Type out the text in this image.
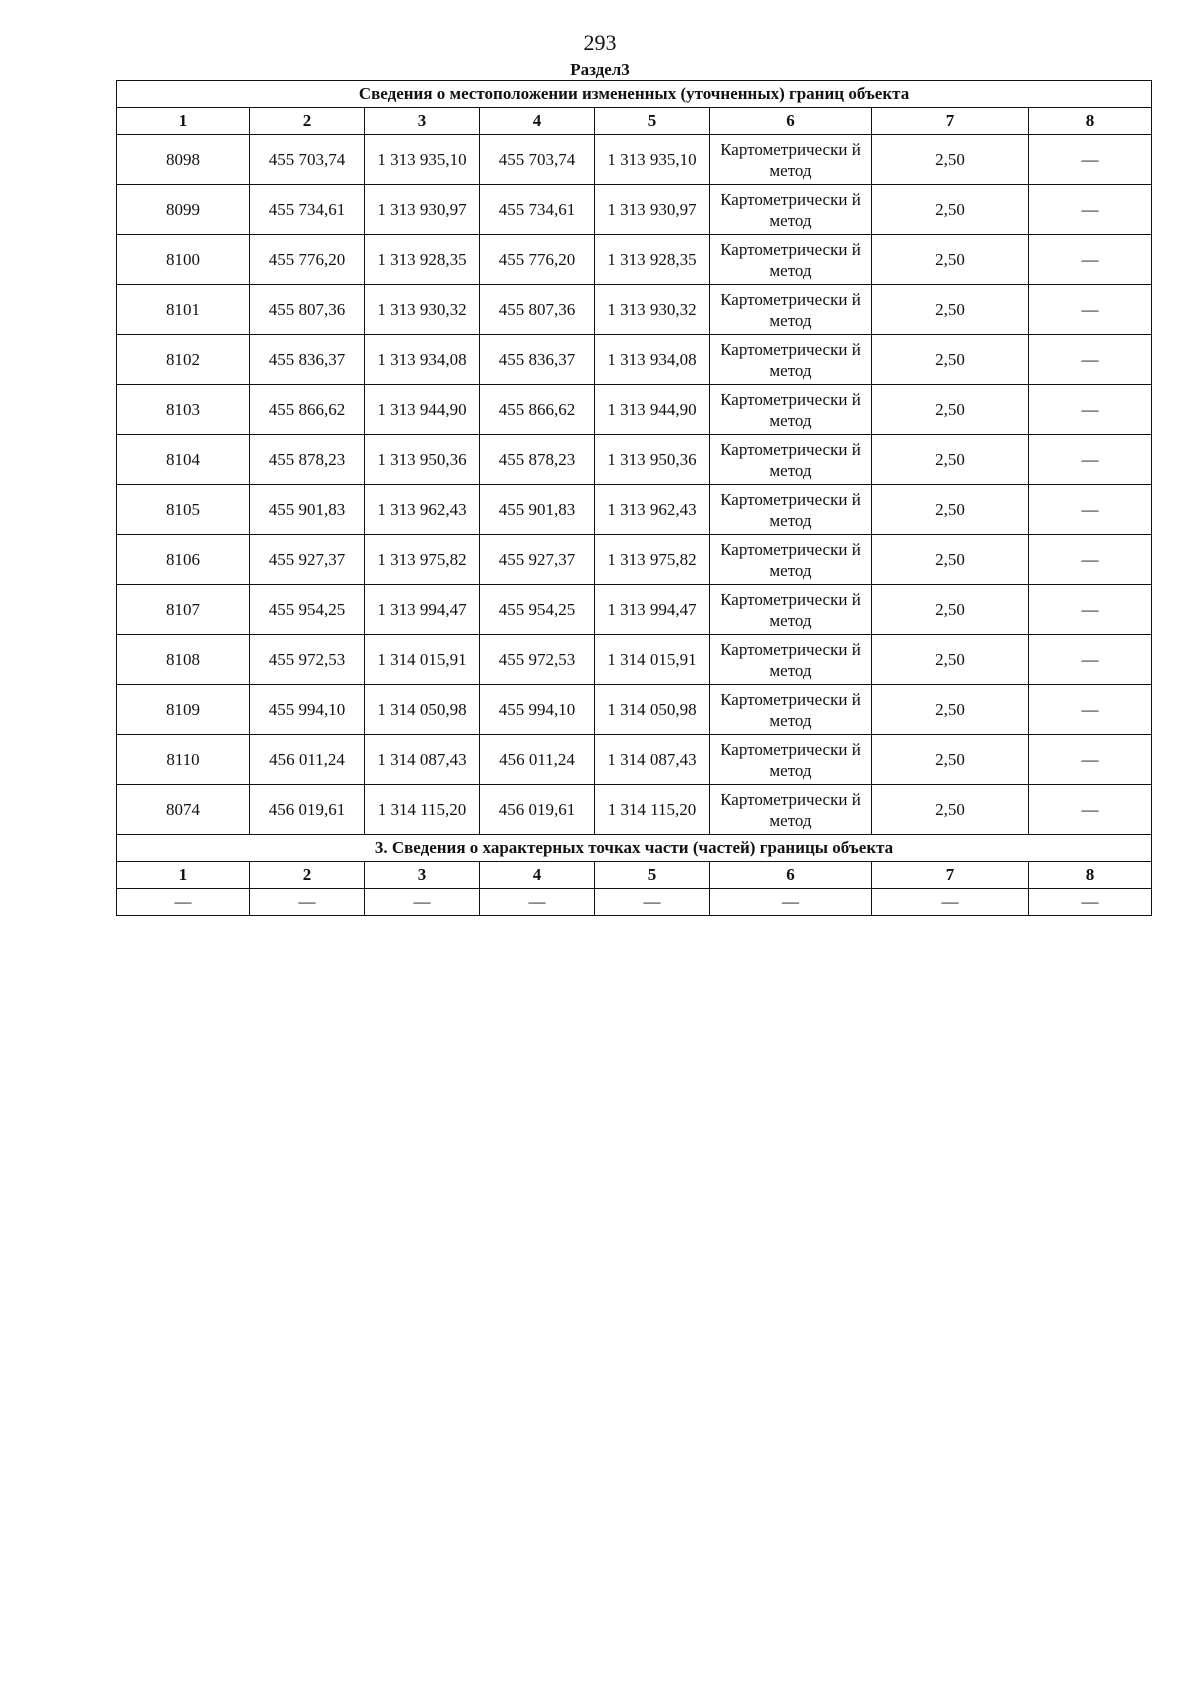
293
Раздел3
Сведения о местоположении измененных (уточненных) границ объекта							
1	2	3	4	5	6	7	8
8098	455 703,74	1 313 935,10	455 703,74	1 313 935,10	Картометрически й метод	2,50	—
8099	455 734,61	1 313 930,97	455 734,61	1 313 930,97	Картометрически й метод	2,50	—
8100	455 776,20	1 313 928,35	455 776,20	1 313 928,35	Картометрически й метод	2,50	—
8101	455 807,36	1 313 930,32	455 807,36	1 313 930,32	Картометрически й метод	2,50	—
8102	455 836,37	1 313 934,08	455 836,37	1 313 934,08	Картометрически й метод	2,50	—
8103	455 866,62	1 313 944,90	455 866,62	1 313 944,90	Картометрически й метод	2,50	—
8104	455 878,23	1 313 950,36	455 878,23	1 313 950,36	Картометрически й метод	2,50	—
8105	455 901,83	1 313 962,43	455 901,83	1 313 962,43	Картометрически й метод	2,50	—
8106	455 927,37	1 313 975,82	455 927,37	1 313 975,82	Картометрически й метод	2,50	—
8107	455 954,25	1 313 994,47	455 954,25	1 313 994,47	Картометрически й метод	2,50	—
8108	455 972,53	1 314 015,91	455 972,53	1 314 015,91	Картометрически й метод	2,50	—
8109	455 994,10	1 314 050,98	455 994,10	1 314 050,98	Картометрически й метод	2,50	—
8110	456 011,24	1 314 087,43	456 011,24	1 314 087,43	Картометрически й метод	2,50	—
8074	456 019,61	1 314 115,20	456 019,61	1 314 115,20	Картометрически й метод	2,50	—
3. Сведения о характерных точках части (частей) границы объекта							
1	2	3	4	5	6	7	8
—	—	—	—	—	—	—	—
